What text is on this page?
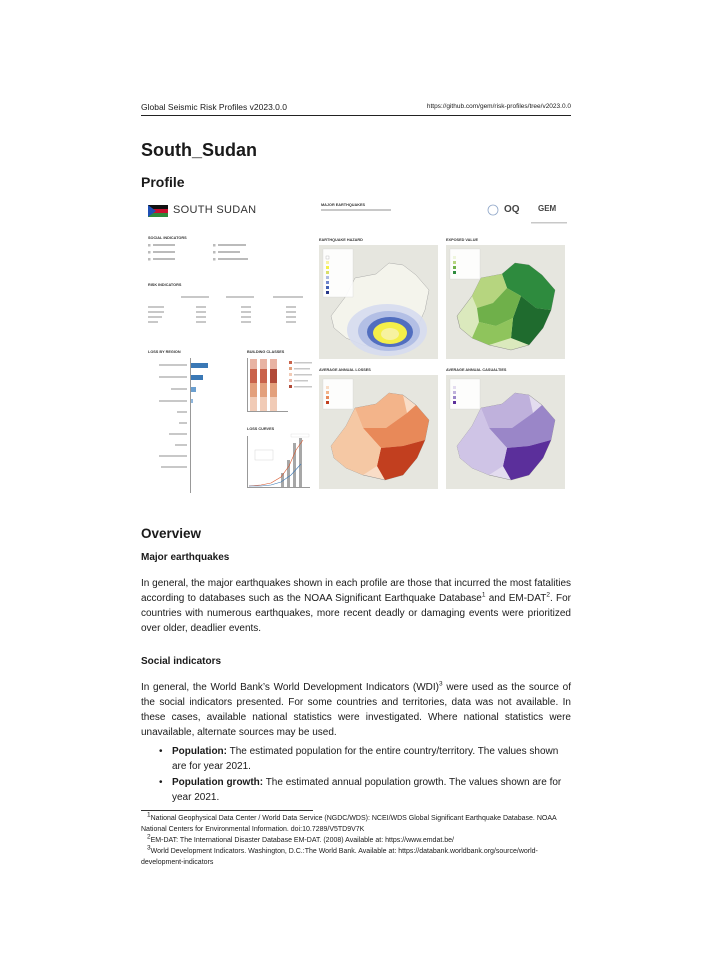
Global Seismic Risk Profiles v2023.0.0	https://github.com/gem/risk-profiles/tree/v2023.0.0
South_Sudan
Profile
SOUTH SUDAN	MAJOR EARTHQUAKES	OQ GEM
SOCIAL INDICATORS
RISK INDICATORS
LOSS BY REGION	BUILDING CLASSES
LOSS CURVES
EARTHQUAKE HAZARD	EXPOSED VALUE
AVERAGE ANNUAL LOSSES	AVERAGE ANNUAL CASUALTIES
Overview
Major earthquakes

In general, the major earthquakes shown in each profile are those that incurred the most fatalities according to databases such as the NOAA Significant Earthquake Database$^1$ and EM-DAT$^2$. For countries with numerous earthquakes, more recent deadly or damaging events were prioritized over older, deadlier events.

Social indicators

In general, the World Bank’s World Development Indicators (WDI)$^3$ were used as the source of the social indicators presented. For some countries and territories, data was not available. In these cases, available national statistics were investigated. Where national statistics were unavailable, alternate sources may be used.

• Population: The estimated population for the entire country/territory. The values shown are for year 2021.
• Population growth: The estimated annual population growth. The values shown are for year 2021.
$^1$National Geophysical Data Center / World Data Service (NGDC/WDS): NCEI/WDS Global Significant Earthquake Database. NOAA National Centers for Environmental Information. doi:10.7289/V5TD9V7K
$^2$EM-DAT: The International Disaster Database EM-DAT. (2008) Available at: https://www.emdat.be/
$^3$World Development Indicators. Washington, D.C.:The World Bank. Available at: https://databank.worldbank.org/source/world-development-indicators
